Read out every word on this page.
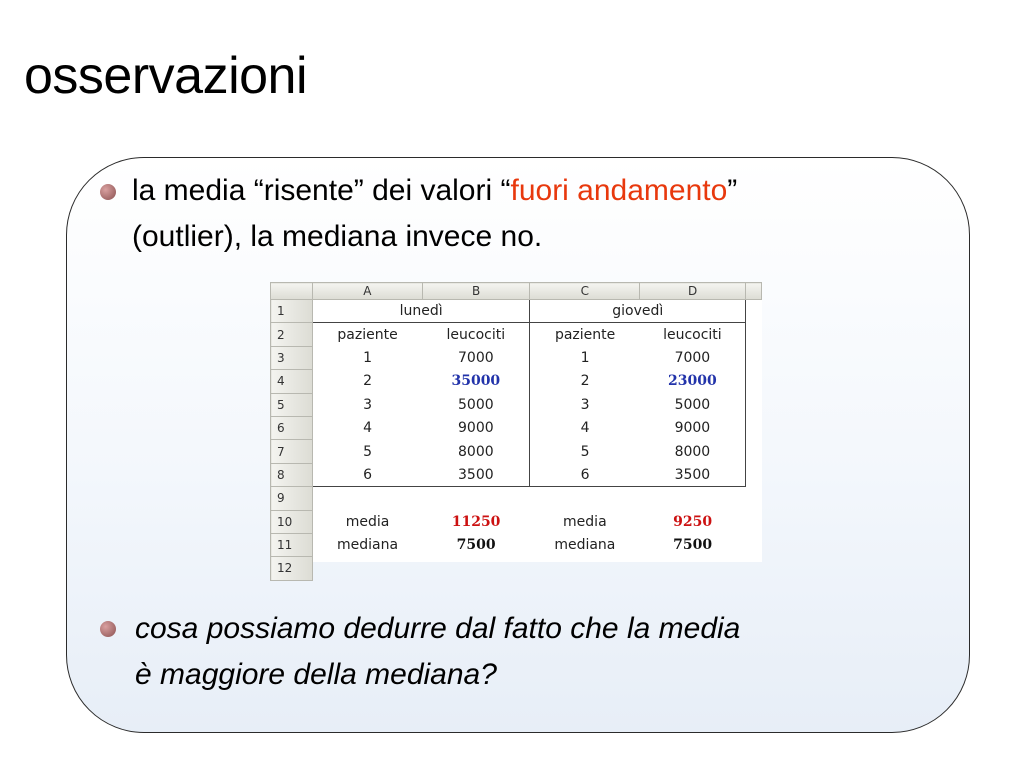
osservazioni
la media “risente” dei valori “fuori andamento”
(outlier), la mediana invece no.
	A	B	C	D	
1	lunedì		giovedì		
2	paziente	leucociti	paziente	leucociti	
3	1	7000	1	7000	
4	2	35000	2	23000	
5	3	5000	3	5000	
6	4	9000	4	9000	
7	5	8000	5	8000	
8	6	3500	6	3500	
9					
10	media	11250	media	9250	
11	mediana	7500	mediana	7500	
12					
cosa possiamo dedurre dal fatto che la media
è maggiore della mediana?
